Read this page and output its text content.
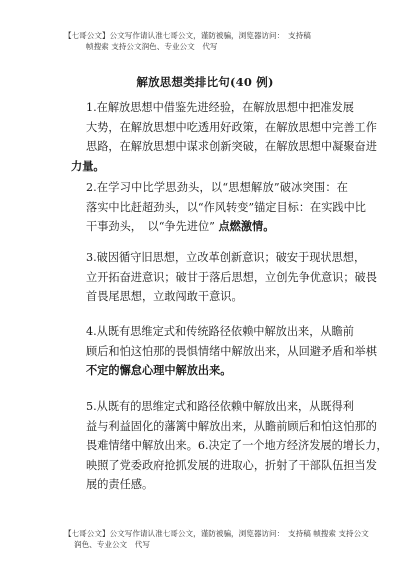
【七哥公文】公文写作请认准七哥公文，谨防被骗，浏览器访问：　支持稿
帧搜索 支持公文润色、专业公文　代写
解放思想类排比句(40 例)
1.在解放思想中借鉴先进经验，在解放思想中把准发展
大势，在解放思想中吃透用好政策，在解放思想中完善工作
思路，在解放思想中谋求创新突破，在解放思想中凝聚奋进
力量。
2.在学习中比学思劲头，以“思想解放”破冰突围：在
落实中比赶超劲头，以“作风转变”锚定目标：在实践中比
干事劲头，　以“争先进位” 点燃激情。
3.破因循守旧思想，立改革创新意识；破安于现状思想，
立开拓奋进意识；破甘于落后思想，立创先争优意识；破畏
首畏尾思想，立敢闯敢干意识。
4.从既有思维定式和传统路径依赖中解放出来，从瞻前
顾后和怕这怕那的畏惧情绪中解放出来，从回避矛盾和举棋
不定的懈怠心理中解放出来。
5.从既有的思维定式和路径依赖中解放出来，从既得利
益与利益固化的藩篱中解放出来，从瞻前顾后和怕这怕那的
畏难情绪中解放出来。6.决定了一个地方经济发展的增长力，
映照了党委政府抢抓发展的进取心，折射了干部队伍担当发
展的责任感。
【七哥公文】公文写作请认准七哥公文，谨防被骗，浏览器访问：　支持稿 帧搜索 支持公文
润色、专业公文　代写
